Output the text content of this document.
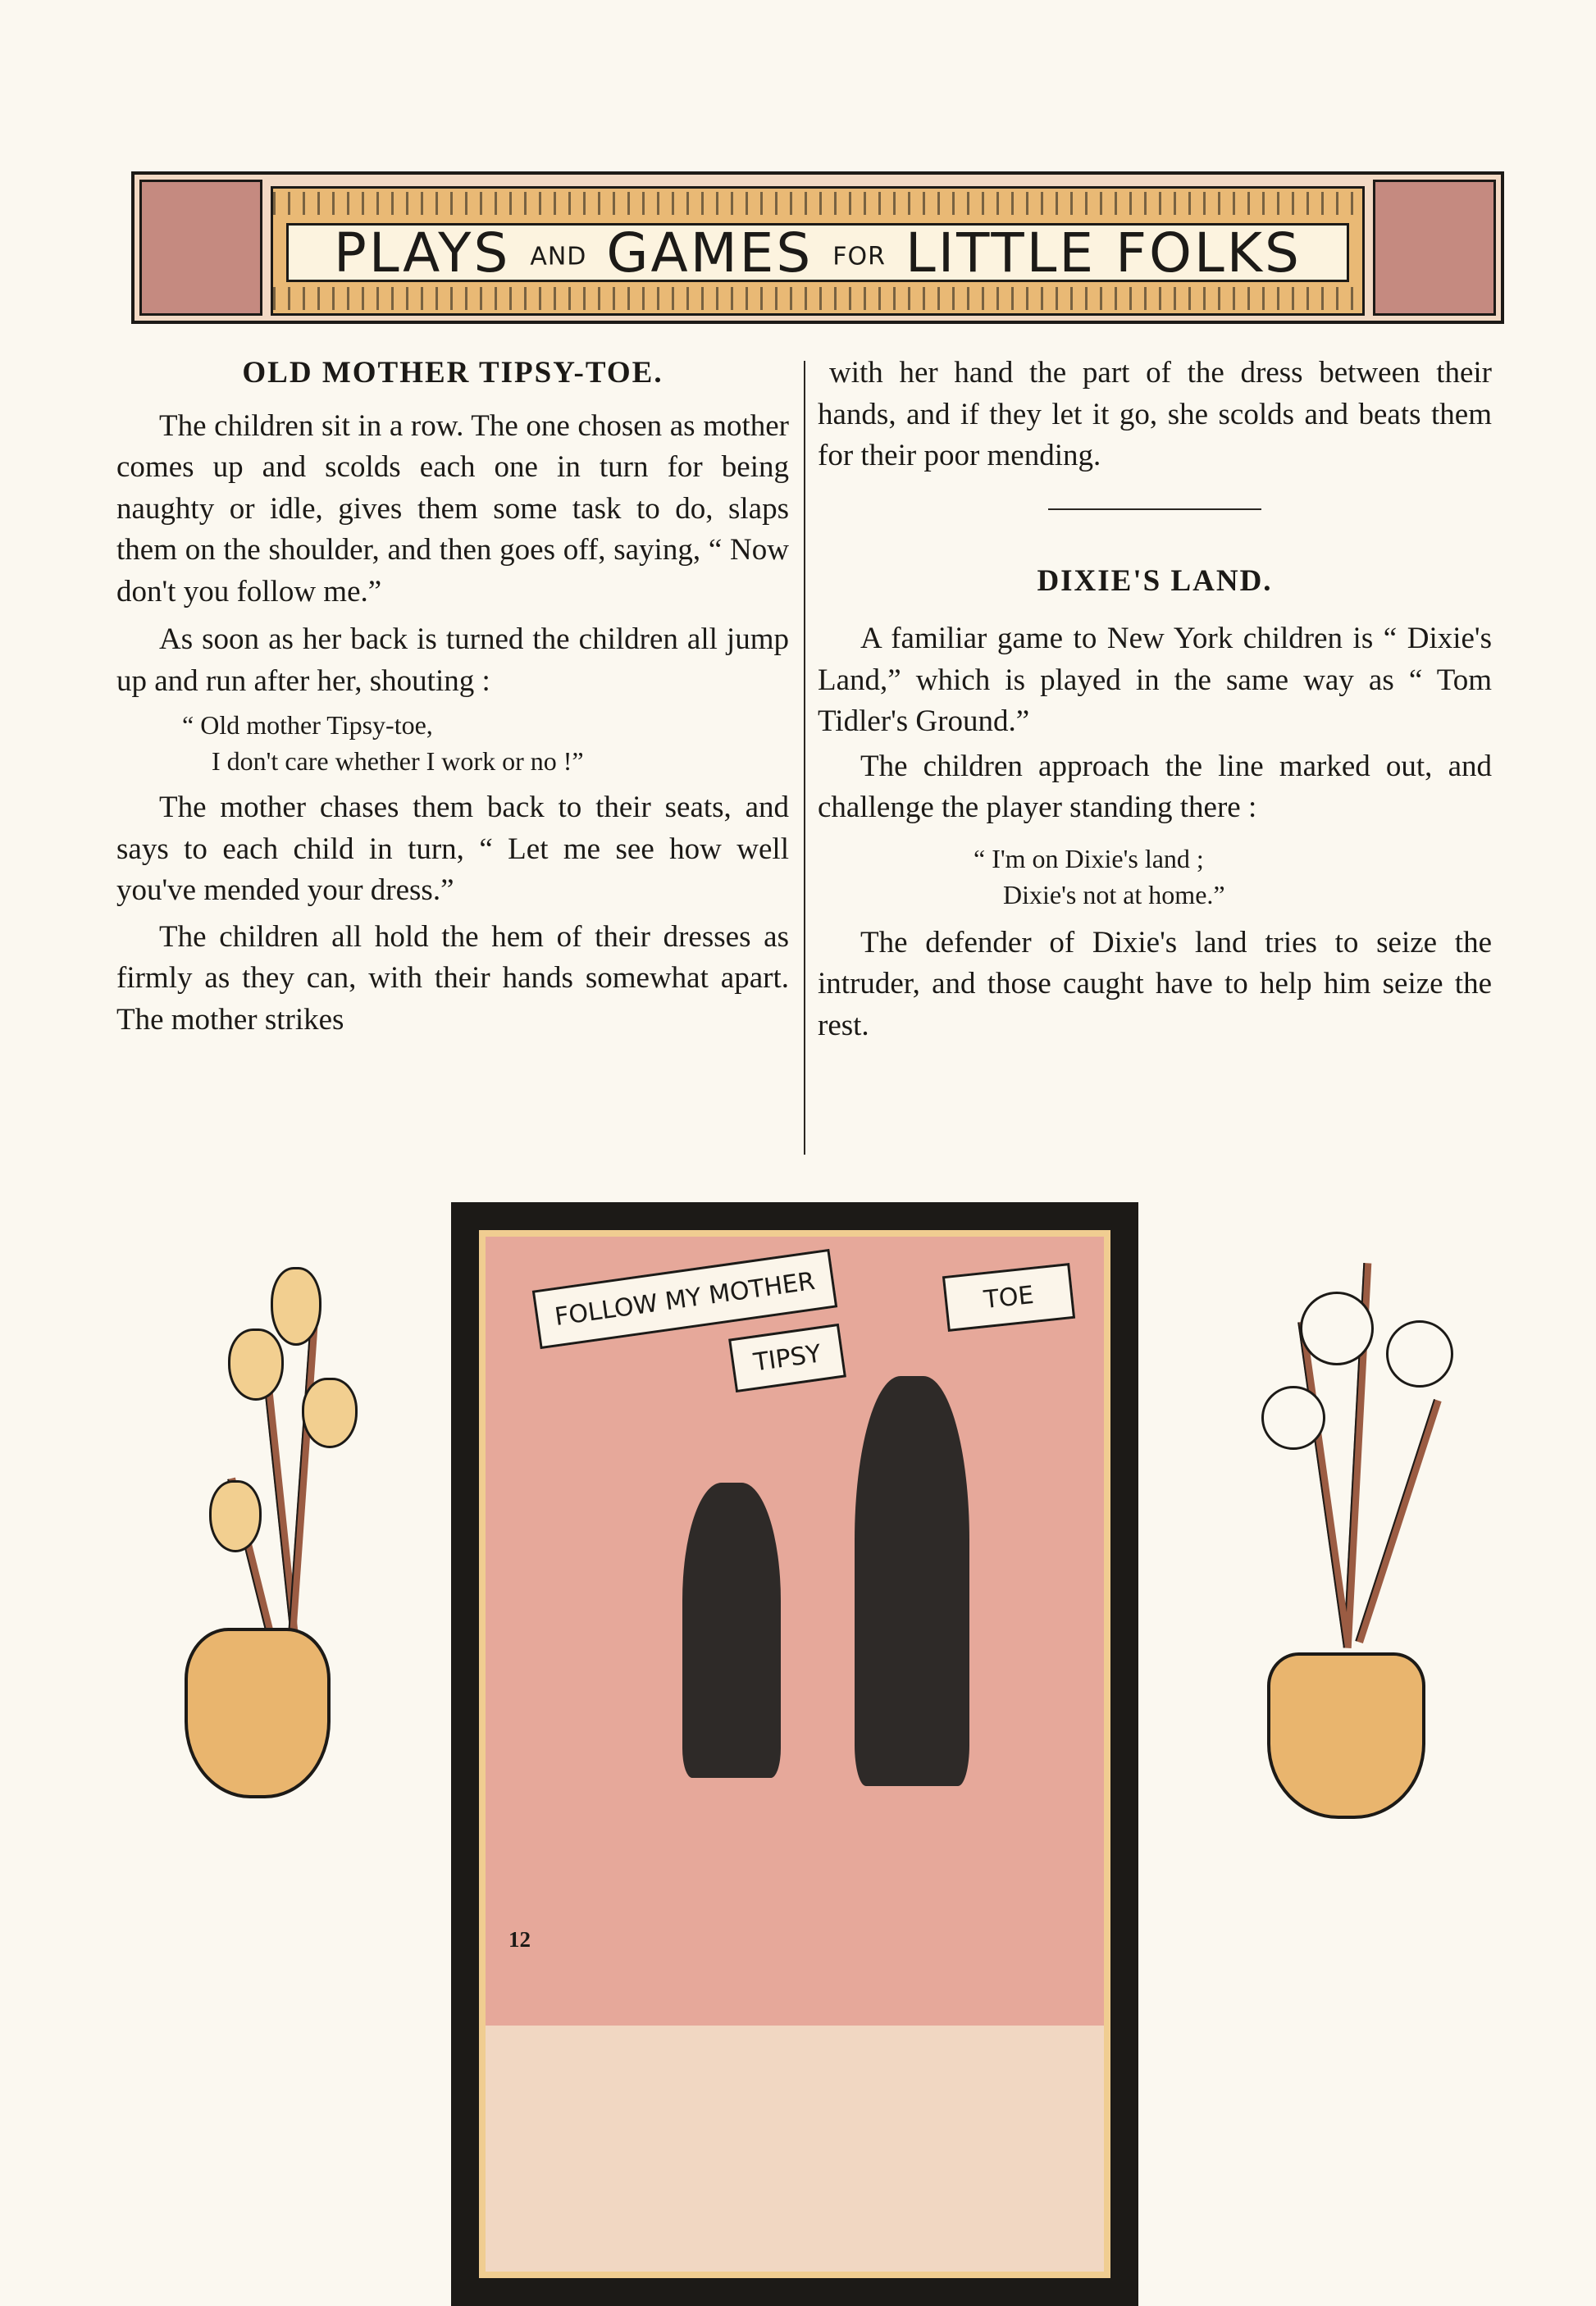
PLAYS AND GAMES FOR LITTLE FOLKS
OLD MOTHER TIPSY-TOE.

The children sit in a row. The one chosen as mother comes up and scolds each one in turn for being naughty or idle, gives them some task to do, slaps them on the shoulder, and then goes off, saying, “ Now don't you follow me.”

As soon as her back is turned the children all jump up and run after her, shouting :

“ Old mother Tipsy-toe,
I don't care whether I work or no !”

The mother chases them back to their seats, and says to each child in turn, “ Let me see how well you've mended your dress.”

The children all hold the hem of their dresses as firmly as they can, with their hands somewhat apart. The mother strikes

with her hand the part of the dress between their hands, and if they let it go, she scolds and beats them for their poor mending.

DIXIE'S LAND.

A familiar game to New York children is “ Dixie's Land,” which is played in the same way as “ Tom Tidler's Ground.”

The children approach the line marked out, and challenge the player standing there :

“ I'm on Dixie's land ;
Dixie's not at home.”

The defender of Dixie's land tries to seize the intruder, and those caught have to help him seize the rest.

FOLLOW MY MOTHER
TIPSY
TOE
12
